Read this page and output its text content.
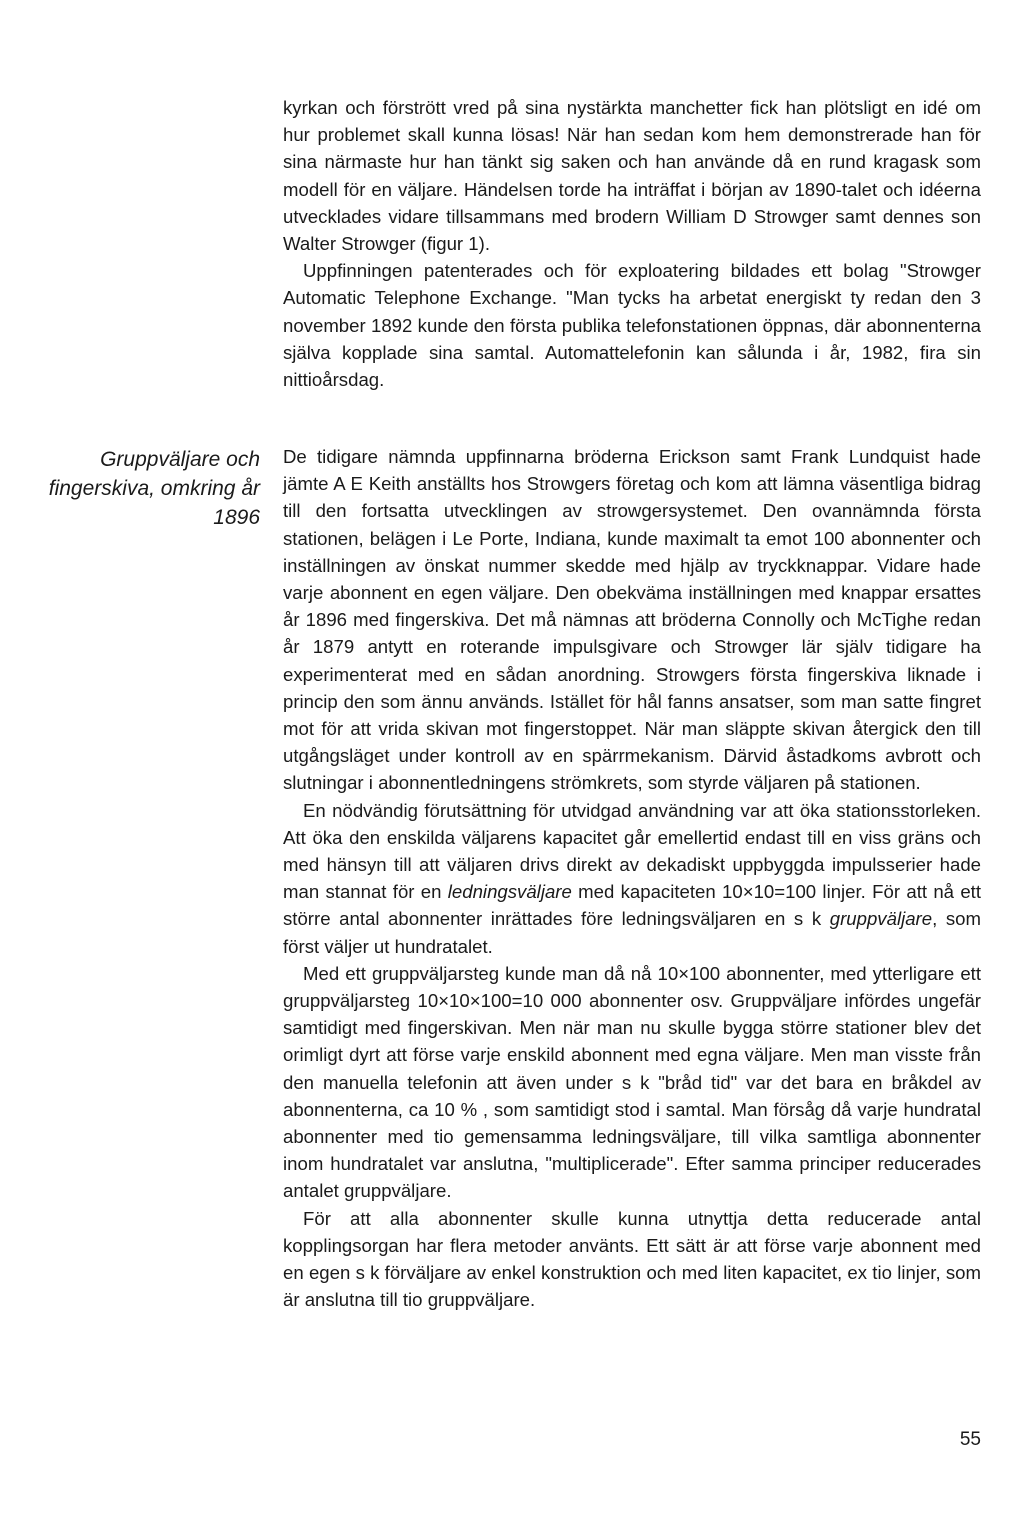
kyrkan och förstrött vred på sina nystärkta manchetter fick han plötsligt en idé om hur problemet skall kunna lösas! När han sedan kom hem demonstrerade han för sina närmaste hur han tänkt sig saken och han använde då en rund kragask som modell för en väljare. Händelsen torde ha inträffat i början av 1890-talet och idéerna utvecklades vidare tillsammans med brodern William D Strowger samt dennes son Walter Strowger (figur 1).

Uppfinningen patenterades och för exploatering bildades ett bolag "Strowger Automatic Telephone Exchange. "Man tycks ha arbetat energiskt ty redan den 3 november 1892 kunde den första publika telefonstationen öppnas, där abonnenterna själva kopplade sina samtal. Automattelefonin kan sålunda i år, 1982, fira sin nittioårsdag.

Gruppväljare och fingerskiva, omkring år 1896

De tidigare nämnda uppfinnarna bröderna Erickson samt Frank Lundquist hade jämte A E Keith anställts hos Strowgers företag och kom att lämna väsentliga bidrag till den fortsatta utvecklingen av strowgersystemet. Den ovannämnda första stationen, belägen i Le Porte, Indiana, kunde maximalt ta emot 100 abonnenter och inställningen av önskat nummer skedde med hjälp av tryckknappar. Vidare hade varje abonnent en egen väljare. Den obekväma inställningen med knappar ersattes år 1896 med fingerskiva. Det må nämnas att bröderna Connolly och McTighe redan år 1879 antytt en roterande impulsgivare och Strowger lär själv tidigare ha experimenterat med en sådan anordning. Strowgers första fingerskiva liknade i princip den som ännu används. Istället för hål fanns ansatser, som man satte fingret mot för att vrida skivan mot fingerstoppet. När man släppte skivan återgick den till utgångsläget under kontroll av en spärrmekanism. Därvid åstadkoms avbrott och slutningar i abonnentledningens strömkrets, som styrde väljaren på stationen.

En nödvändig förutsättning för utvidgad användning var att öka stationsstorleken. Att öka den enskilda väljarens kapacitet går emellertid endast till en viss gräns och med hänsyn till att väljaren drivs direkt av dekadiskt uppbyggda impulsserier hade man stannat för en ledningsväljare med kapaciteten 10×10=100 linjer. För att nå ett större antal abonnenter inrättades före ledningsväljaren en s k gruppväljare, som först väljer ut hundratalet.

Med ett gruppväljarsteg kunde man då nå 10×100 abonnenter, med ytterligare ett gruppväljarsteg 10×10×100=10 000 abonnenter osv. Gruppväljare infördes ungefär samtidigt med fingerskivan. Men när man nu skulle bygga större stationer blev det orimligt dyrt att förse varje enskild abonnent med egna väljare. Men man visste från den manuella telefonin att även under s k "bråd tid" var det bara en bråkdel av abonnenterna, ca 10 % , som samtidigt stod i samtal. Man försåg då varje hundratal abonnenter med tio gemensamma ledningsväljare, till vilka samtliga abonnenter inom hundratalet var anslutna, "multiplicerade". Efter samma principer reducerades antalet gruppväljare.

För att alla abonnenter skulle kunna utnyttja detta reducerade antal kopplingsorgan har flera metoder använts. Ett sätt är att förse varje abonnent med en egen s k förväljare av enkel konstruktion och med liten kapacitet, ex tio linjer, som är anslutna till tio gruppväljare.

55
